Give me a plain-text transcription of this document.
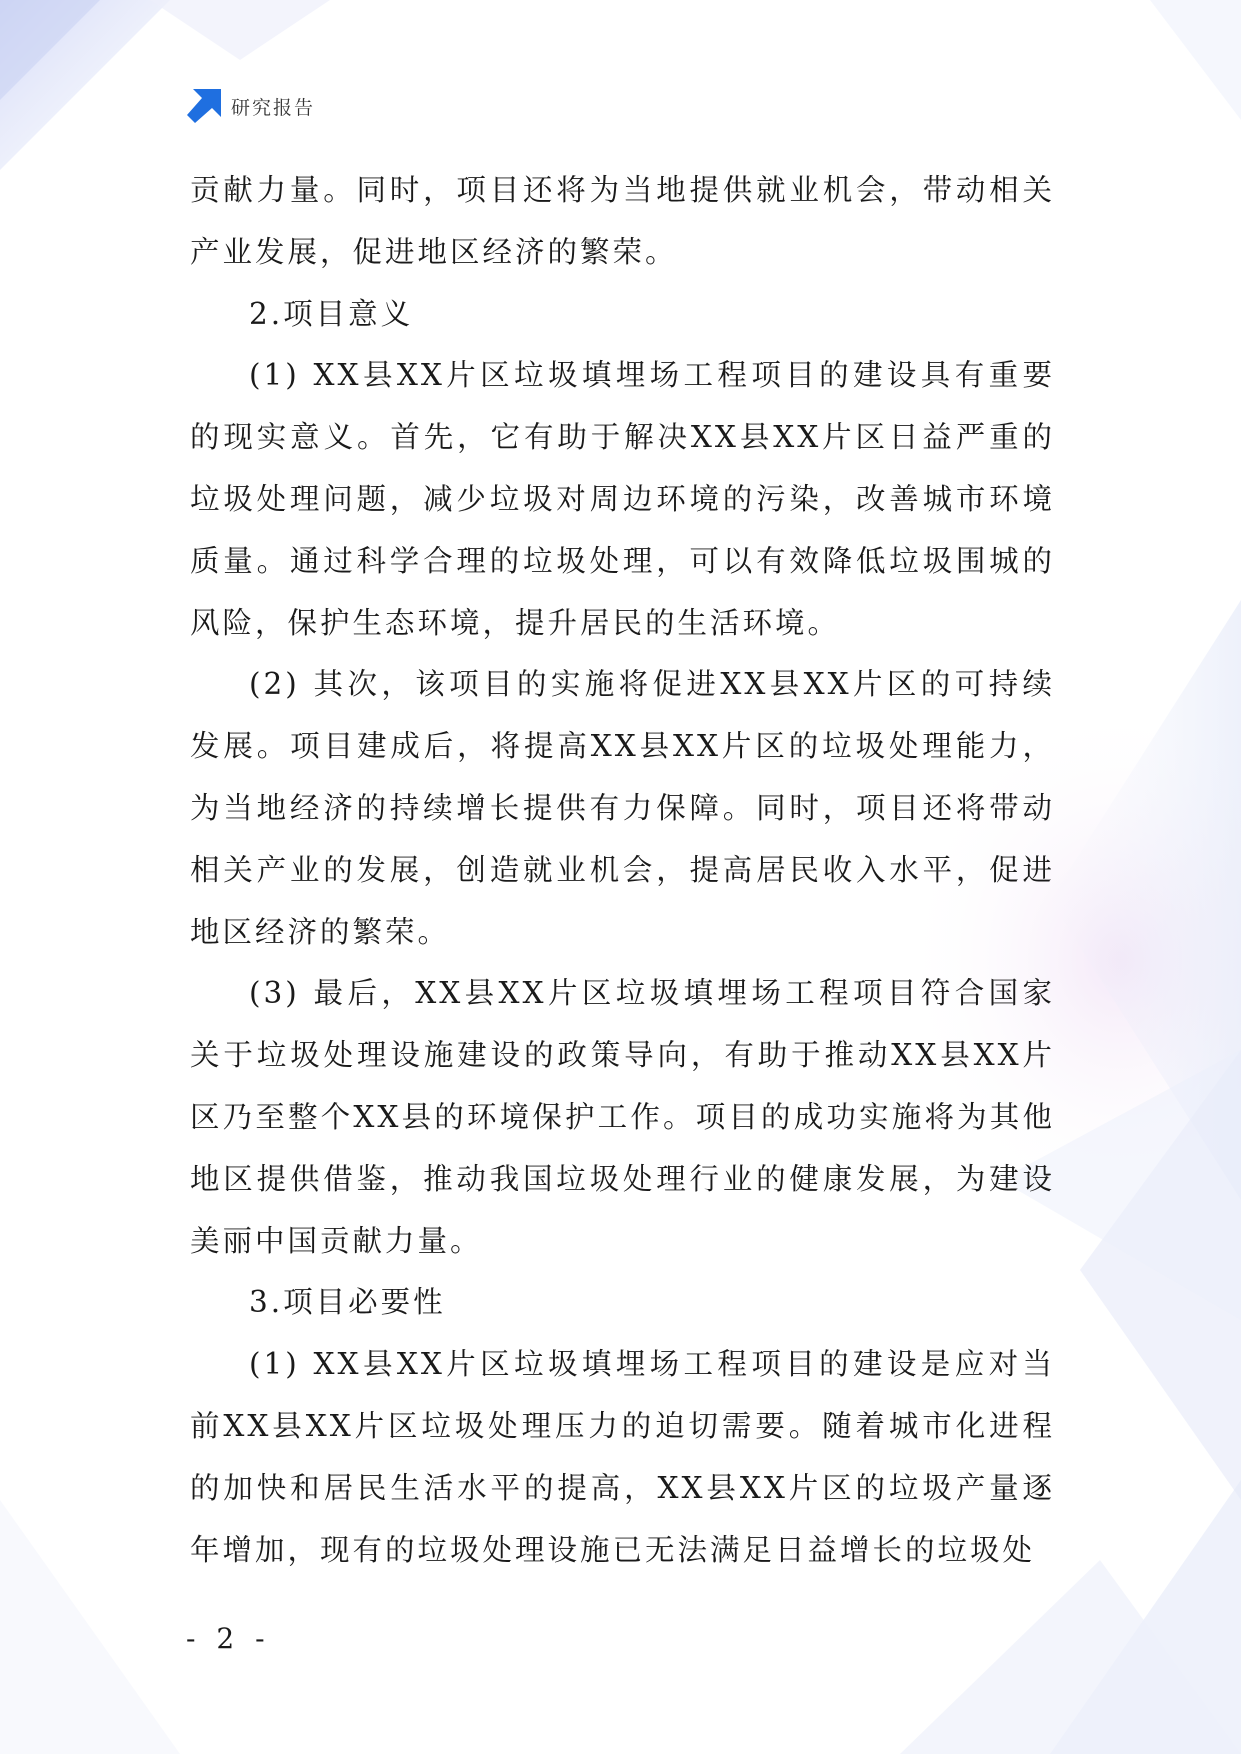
研究报告

贡献力量。同时，项目还将为当地提供就业机会，带动相关产业发展，促进地区经济的繁荣。

2.项目意义

(1) XX县XX片区垃圾填埋场工程项目的建设具有重要的现实意义。首先，它有助于解决XX县XX片区日益严重的垃圾处理问题，减少垃圾对周边环境的污染，改善城市环境质量。通过科学合理的垃圾处理，可以有效降低垃圾围城的风险，保护生态环境，提升居民的生活环境。

(2) 其次，该项目的实施将促进XX县XX片区的可持续发展。项目建成后，将提高XX县XX片区的垃圾处理能力，为当地经济的持续增长提供有力保障。同时，项目还将带动相关产业的发展，创造就业机会，提高居民收入水平，促进地区经济的繁荣。

(3) 最后，XX县XX片区垃圾填埋场工程项目符合国家关于垃圾处理设施建设的政策导向，有助于推动XX县XX片区乃至整个XX县的环境保护工作。项目的成功实施将为其他地区提供借鉴，推动我国垃圾处理行业的健康发展，为建设美丽中国贡献力量。

3.项目必要性

(1) XX县XX片区垃圾填埋场工程项目的建设是应对当前XX县XX片区垃圾处理压力的迫切需要。随着城市化进程的加快和居民生活水平的提高，XX县XX片区的垃圾产量逐年增加，现有的垃圾处理设施已无法满足日益增长的垃圾处

- 2 -
